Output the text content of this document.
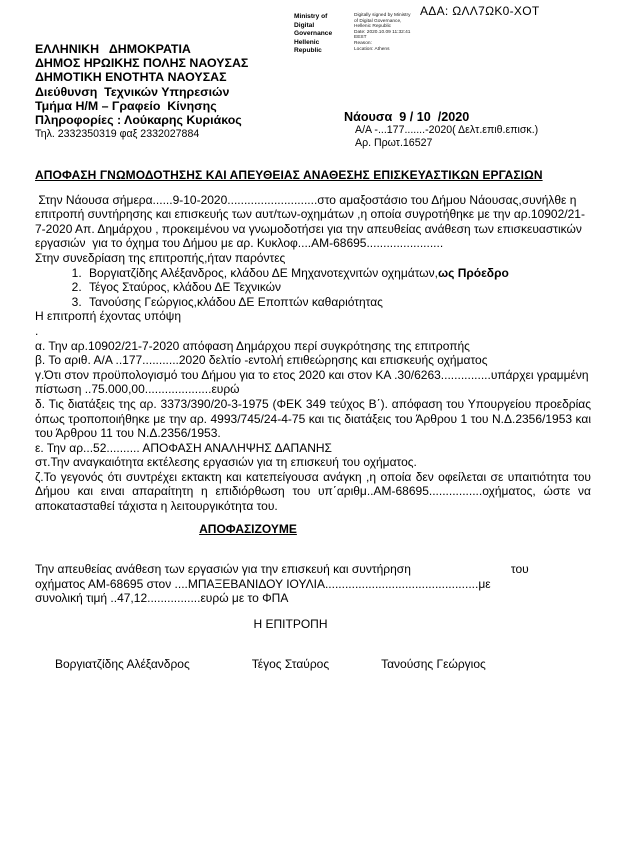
ΑΔΑ: ΩΛΛ7ΩΚ0-ΧΟΤ
Ministry of Digital
Governance
Hellenic Republic
Digitally signed by Ministry
of Digital Governance,
Hellenic Republic
Date: 2020.10.09 11:32:41
EEST
Reason:
Location: Athens
ΕΛΛΗΝΙΚΗ   ΔΗΜΟΚΡΑΤΙΑ
ΔΗΜΟΣ ΗΡΩΙΚΗΣ ΠΟΛΗΣ ΝΑΟΥΣΑΣ
ΔΗΜΟΤΙΚΗ ΕΝΟΤΗΤΑ ΝΑΟΥΣΑΣ
Διεύθυνση  Τεχνικών Υπηρεσιών
Τμήμα Η/Μ – Γραφείο  Κίνησης
Πληροφορίες : Λούκαρης Κυριάκος
Τηλ. 2332350319 φαξ 2332027884
Νάουσα  9 / 10  /2020
Α/Α -...177.......-2020( Δελτ.επιθ.επισκ.)
Αρ. Πρωτ.16527
ΑΠΟΦΑΣΗ ΓΝΩΜΟΔΟΤΗΣΗΣ ΚΑΙ ΑΠΕΥΘΕΙΑΣ ΑΝΑΘΕΣΗΣ ΕΠΙΣΚΕΥΑΣΤΙΚΩΝ ΕΡΓΑΣΙΩΝ
Στην Νάουσα σήμερα......9-10-2020...........................στο αμαξοστάσιο του Δήμου Νάουσας,συνήλθε η επιτροπή συντήρησης και επισκευής των αυτ/των-οχημάτων ,η οποία συγροτήθηκε με την αρ.10902/21-7-2020 Απ. Δημάρχου , προκειμένου να γνωμοδοτήσει για την απευθείας ανάθεση των επισκευαστικών εργασιών  για το όχημα του Δήμου με αρ. Κυκλοφ....ΑΜ-68695.......................
Στην συνεδρίαση της επιτροπής,ήταν παρόντες
1. Βοργιατζίδης Αλέξανδρος, κλάδου ΔΕ Μηχανοτεχνιτών οχημάτων,ως Πρόεδρο
2. Τέγος Σταύρος, κλάδου ΔΕ Τεχνικών
3. Τανούσης Γεώργιος,κλάδου ΔΕ Εποπτών καθαριότητας
Η επιτροπή έχοντας υπόψη
.
α. Την αρ.10902/21-7-2020 απόφαση Δημάρχου περί συγκρότησης της επιτροπής
β. Το αριθ. Α/Α ..177...........2020 δελτίο -εντολή επιθεώρησης και επισκευής οχήματος
γ.Ότι στον προϋπολογισμό του Δήμου για το ετος 2020 και στον ΚΑ .30/6263...............υπάρχει γραμμένη πίστωση ..75.000,00....................ευρώ
δ. Τις διατάξεις της αρ. 3373/390/20-3-1975 (ΦΕΚ 349 τεύχος Β΄). απόφαση του Υπουργείου προεδρίας όπως τροποποιήθηκε με την αρ. 4993/745/24-4-75 και τις διατάξεις του Άρθρου 1 του Ν.Δ.2356/1953 και του Άρθρου 11 του Ν.Δ.2356/1953.
ε. Την αρ...52.......... ΑΠΟΦΑΣΗ ΑΝΑΛΗΨΗΣ ΔΑΠΑΝΗΣ
στ.Την αναγκαιότητα εκτέλεσης εργασιών για τη επισκευή του οχήματος.
ζ.Το γεγονός ότι συντρέχει εκτακτη και κατεπείγουσα ανάγκη ,η οποία δεν οφείλεται σε υπαιτιότητα του Δήμου και ειναι απαραίτητη η επιδιόρθωση του υπ΄αριθμ..ΑΜ-68695................οχήματος, ώστε να αποκατασταθεί τάχιστα η λειτουργικότητα του.
ΑΠΟΦΑΣΙΖΟΥΜΕ
Την απευθείας ανάθεση των εργασιών για την επισκευή και συντήρηση                              του
οχήματος ΑΜ-68695 στον ....ΜΠΑΞΕΒΑΝΙΔΟΥ ΙΟΥΛΙΑ..............................................με
συνολική τιμή ..47,12................ευρώ με το ΦΠΑ
Η ΕΠΙΤΡΟΠΗ
Βοργιατζίδης Αλέξανδρος	Τέγος Σταύρος	Τανούσης Γεώργιος
